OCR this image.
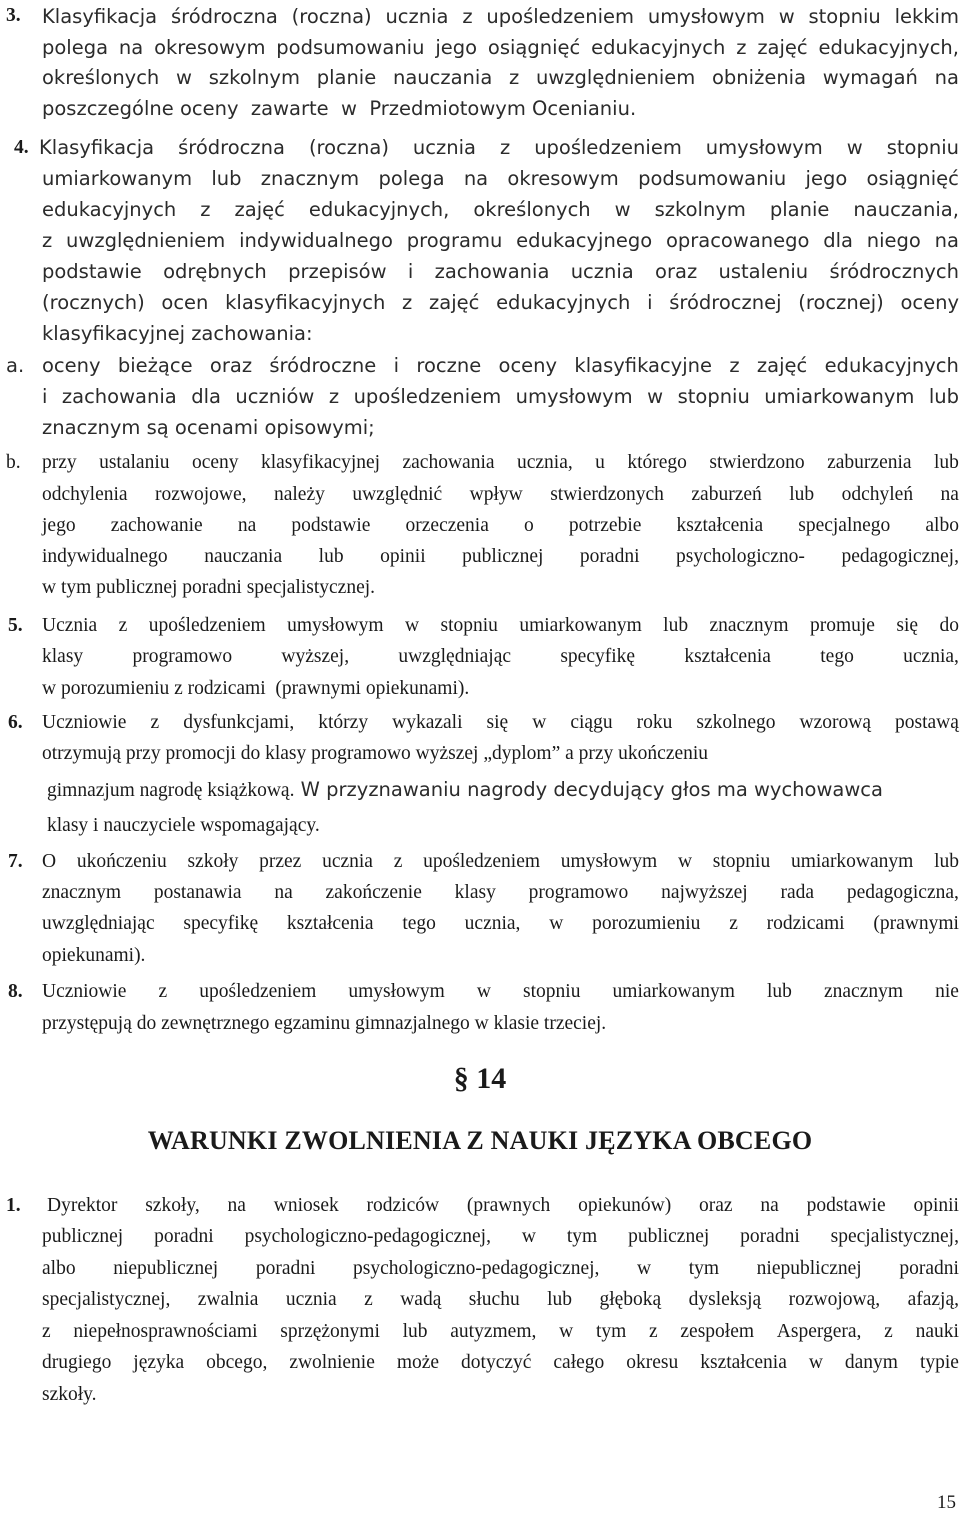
3. Klasyfikacja śródroczna (roczna) ucznia z upośledzeniem umysłowym w stopniu lekkim
polega na okresowym podsumowaniu jego osiągnięć edukacyjnych z zajęć edukacyjnych,
określonych w szkolnym planie nauczania z uwzględnieniem obniżenia wymagań na
poszczególne oceny  zawarte  w  Przedmiotowym Ocenianiu.
4. Klasyfikacja śródroczna (roczna) ucznia z upośledzeniem umysłowym w stopniu
umiarkowanym lub znacznym polega na okresowym podsumowaniu jego osiągnięć
edukacyjnych z zajęć edukacyjnych, określonych w szkolnym planie nauczania,
z uwzględnieniem indywidualnego programu edukacyjnego opracowanego dla niego na
podstawie odrębnych przepisów i zachowania ucznia oraz ustaleniu śródrocznych
(rocznych) ocen klasyfikacyjnych z zajęć edukacyjnych i śródrocznej (rocznej) oceny
klasyfikacyjnej zachowania:
a. oceny bieżące oraz śródroczne i roczne oceny klasyfikacyjne z zajęć edukacyjnych
i zachowania dla uczniów z upośledzeniem umysłowym w stopniu umiarkowanym lub
znacznym są ocenami opisowymi;
b. przy ustalaniu oceny klasyfikacyjnej zachowania ucznia, u którego stwierdzono zaburzenia lub
odchylenia rozwojowe, należy uwzględnić wpływ stwierdzonych zaburzeń lub odchyleń na
jego zachowanie na podstawie orzeczenia o potrzebie kształcenia specjalnego albo
indywidualnego nauczania lub opinii publicznej poradni psychologiczno- pedagogicznej,
w tym publicznej poradni specjalistycznej.
5. Ucznia z upośledzeniem umysłowym w stopniu umiarkowanym lub znacznym promuje się do
klasy	programowo	wyższej,	uwzględniając	specyfikę	kształcenia	tego	ucznia,
w porozumieniu z rodzicami  (prawnymi opiekunami).
6. Uczniowie z dysfunkcjami, którzy wykazali się w ciągu roku szkolnego wzorową postawą
otrzymują przy promocji do klasy programowo wyższej „dyplom” a przy ukończeniu
gimnazjum nagrodę książkową. W przyznawaniu nagrody decydujący głos ma wychowawca
klasy i nauczyciele wspomagający.
7. O ukończeniu szkoły przez ucznia z upośledzeniem umysłowym w stopniu umiarkowanym lub
znacznym postanawia na zakończenie klasy programowo najwyższej rada pedagogiczna,
uwzględniając specyfikę kształcenia tego ucznia, w porozumieniu z rodzicami (prawnymi
opiekunami).
8. Uczniowie z upośledzeniem umysłowym w stopniu umiarkowanym lub znacznym nie
przystępują do zewnętrznego egzaminu gimnazjalnego w klasie trzeciej.
§ 14
WARUNKI ZWOLNIENIA Z NAUKI JĘZYKA OBCEGO
1. Dyrektor szkoły, na wniosek rodziców (prawnych opiekunów) oraz na podstawie opinii
publicznej poradni psychologiczno-pedagogicznej, w tym publicznej poradni specjalistycznej,
albo niepublicznej poradni psychologiczno-pedagogicznej, w tym niepublicznej poradni
specjalistycznej, zwalnia ucznia z wadą słuchu lub głęboką dysleksją rozwojową, afazją,
z niepełnosprawnościami sprzężonymi lub autyzmem, w tym z zespołem Aspergera, z nauki
drugiego języka obcego, zwolnienie może dotyczyć całego okresu kształcenia w danym typie
szkoły.
15
